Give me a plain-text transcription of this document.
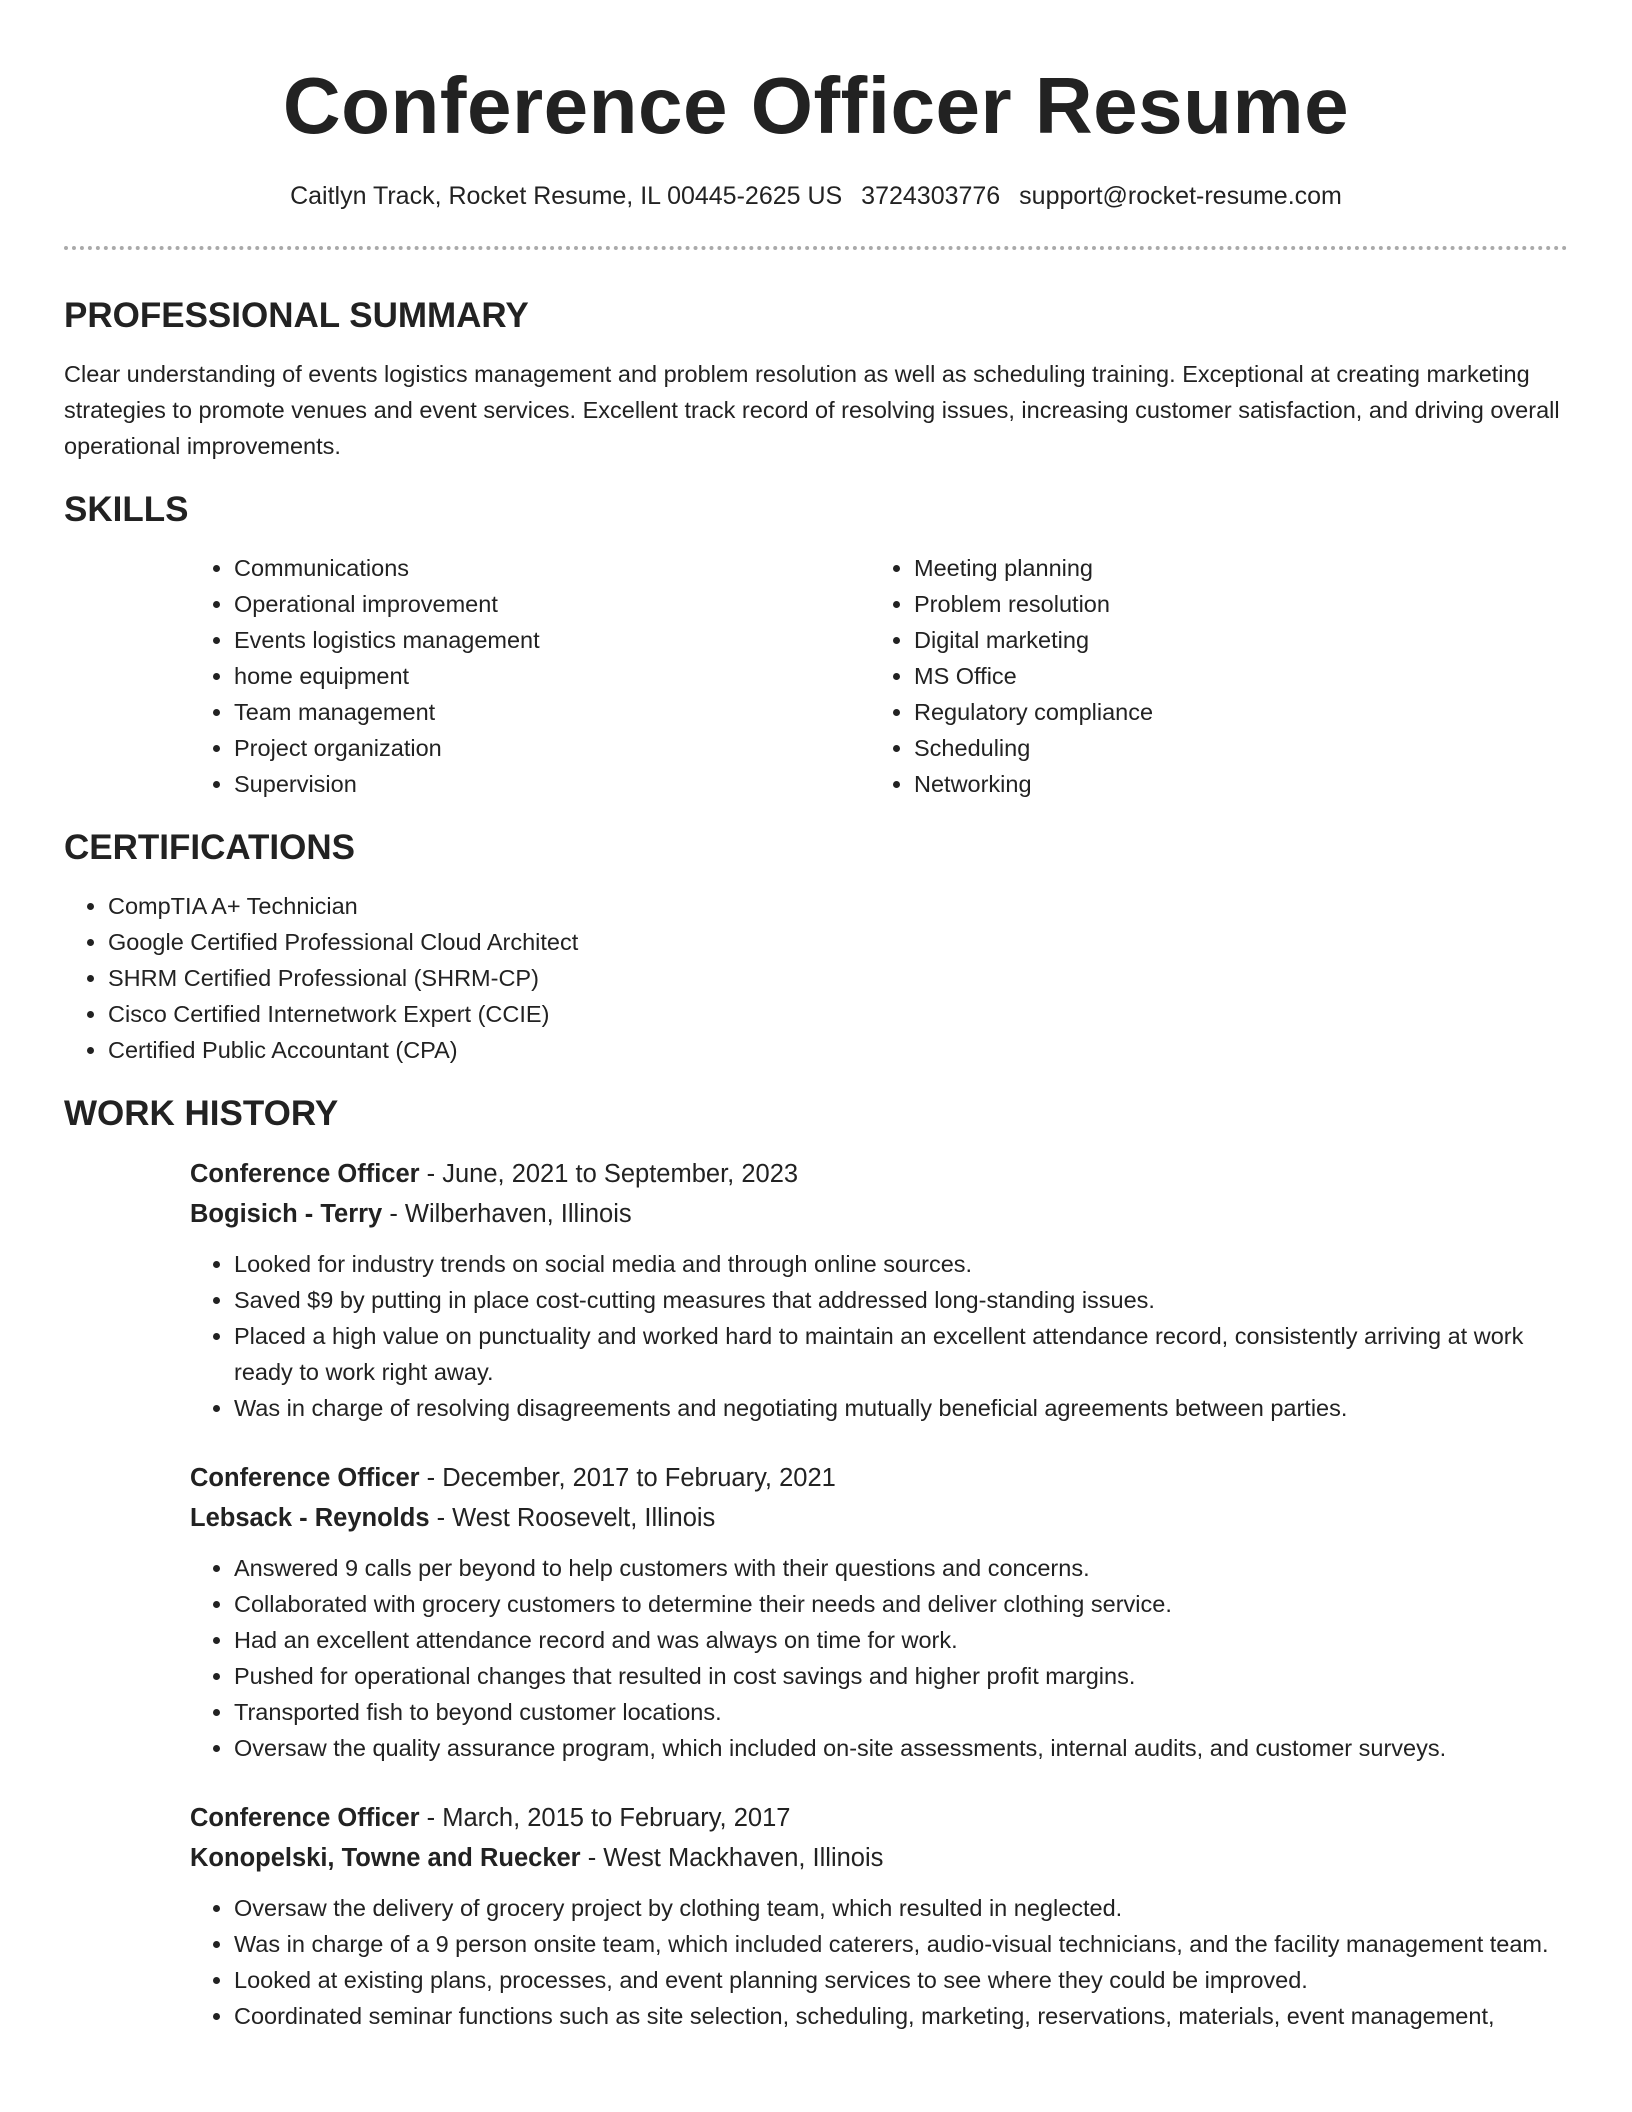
Conference Officer Resume
Caitlyn Track, Rocket Resume, IL 00445-2625 US 3724303776 support@rocket-resume.com
PROFESSIONAL SUMMARY

Clear understanding of events logistics management and problem resolution as well as scheduling training. Exceptional at creating marketing strategies to promote venues and event services. Excellent track record of resolving issues, increasing customer satisfaction, and driving overall operational improvements.

SKILLS
• Communications
• Operational improvement
• Events logistics management
• home equipment
• Team management
• Project organization
• Supervision
• Meeting planning
• Problem resolution
• Digital marketing
• MS Office
• Regulatory compliance
• Scheduling
• Networking
CERTIFICATIONS
• CompTIA A+ Technician
• Google Certified Professional Cloud Architect
• SHRM Certified Professional (SHRM-CP)
• Cisco Certified Internetwork Expert (CCIE)
• Certified Public Accountant (CPA)
WORK HISTORY
Conference Officer - June, 2021 to September, 2023
Bogisich - Terry - Wilberhaven, Illinois
• Looked for industry trends on social media and through online sources.
• Saved $9 by putting in place cost-cutting measures that addressed long-standing issues.
• Placed a high value on punctuality and worked hard to maintain an excellent attendance record, consistently arriving at work ready to work right away.
• Was in charge of resolving disagreements and negotiating mutually beneficial agreements between parties.
Conference Officer - December, 2017 to February, 2021
Lebsack - Reynolds - West Roosevelt, Illinois
• Answered 9 calls per beyond to help customers with their questions and concerns.
• Collaborated with grocery customers to determine their needs and deliver clothing service.
• Had an excellent attendance record and was always on time for work.
• Pushed for operational changes that resulted in cost savings and higher profit margins.
• Transported fish to beyond customer locations.
• Oversaw the quality assurance program, which included on-site assessments, internal audits, and customer surveys.
Conference Officer - March, 2015 to February, 2017
Konopelski, Towne and Ruecker - West Mackhaven, Illinois
• Oversaw the delivery of grocery project by clothing team, which resulted in neglected.
• Was in charge of a 9 person onsite team, which included caterers, audio-visual technicians, and the facility management team.
• Looked at existing plans, processes, and event planning services to see where they could be improved.
• Coordinated seminar functions such as site selection, scheduling, marketing, reservations, materials, event management,
